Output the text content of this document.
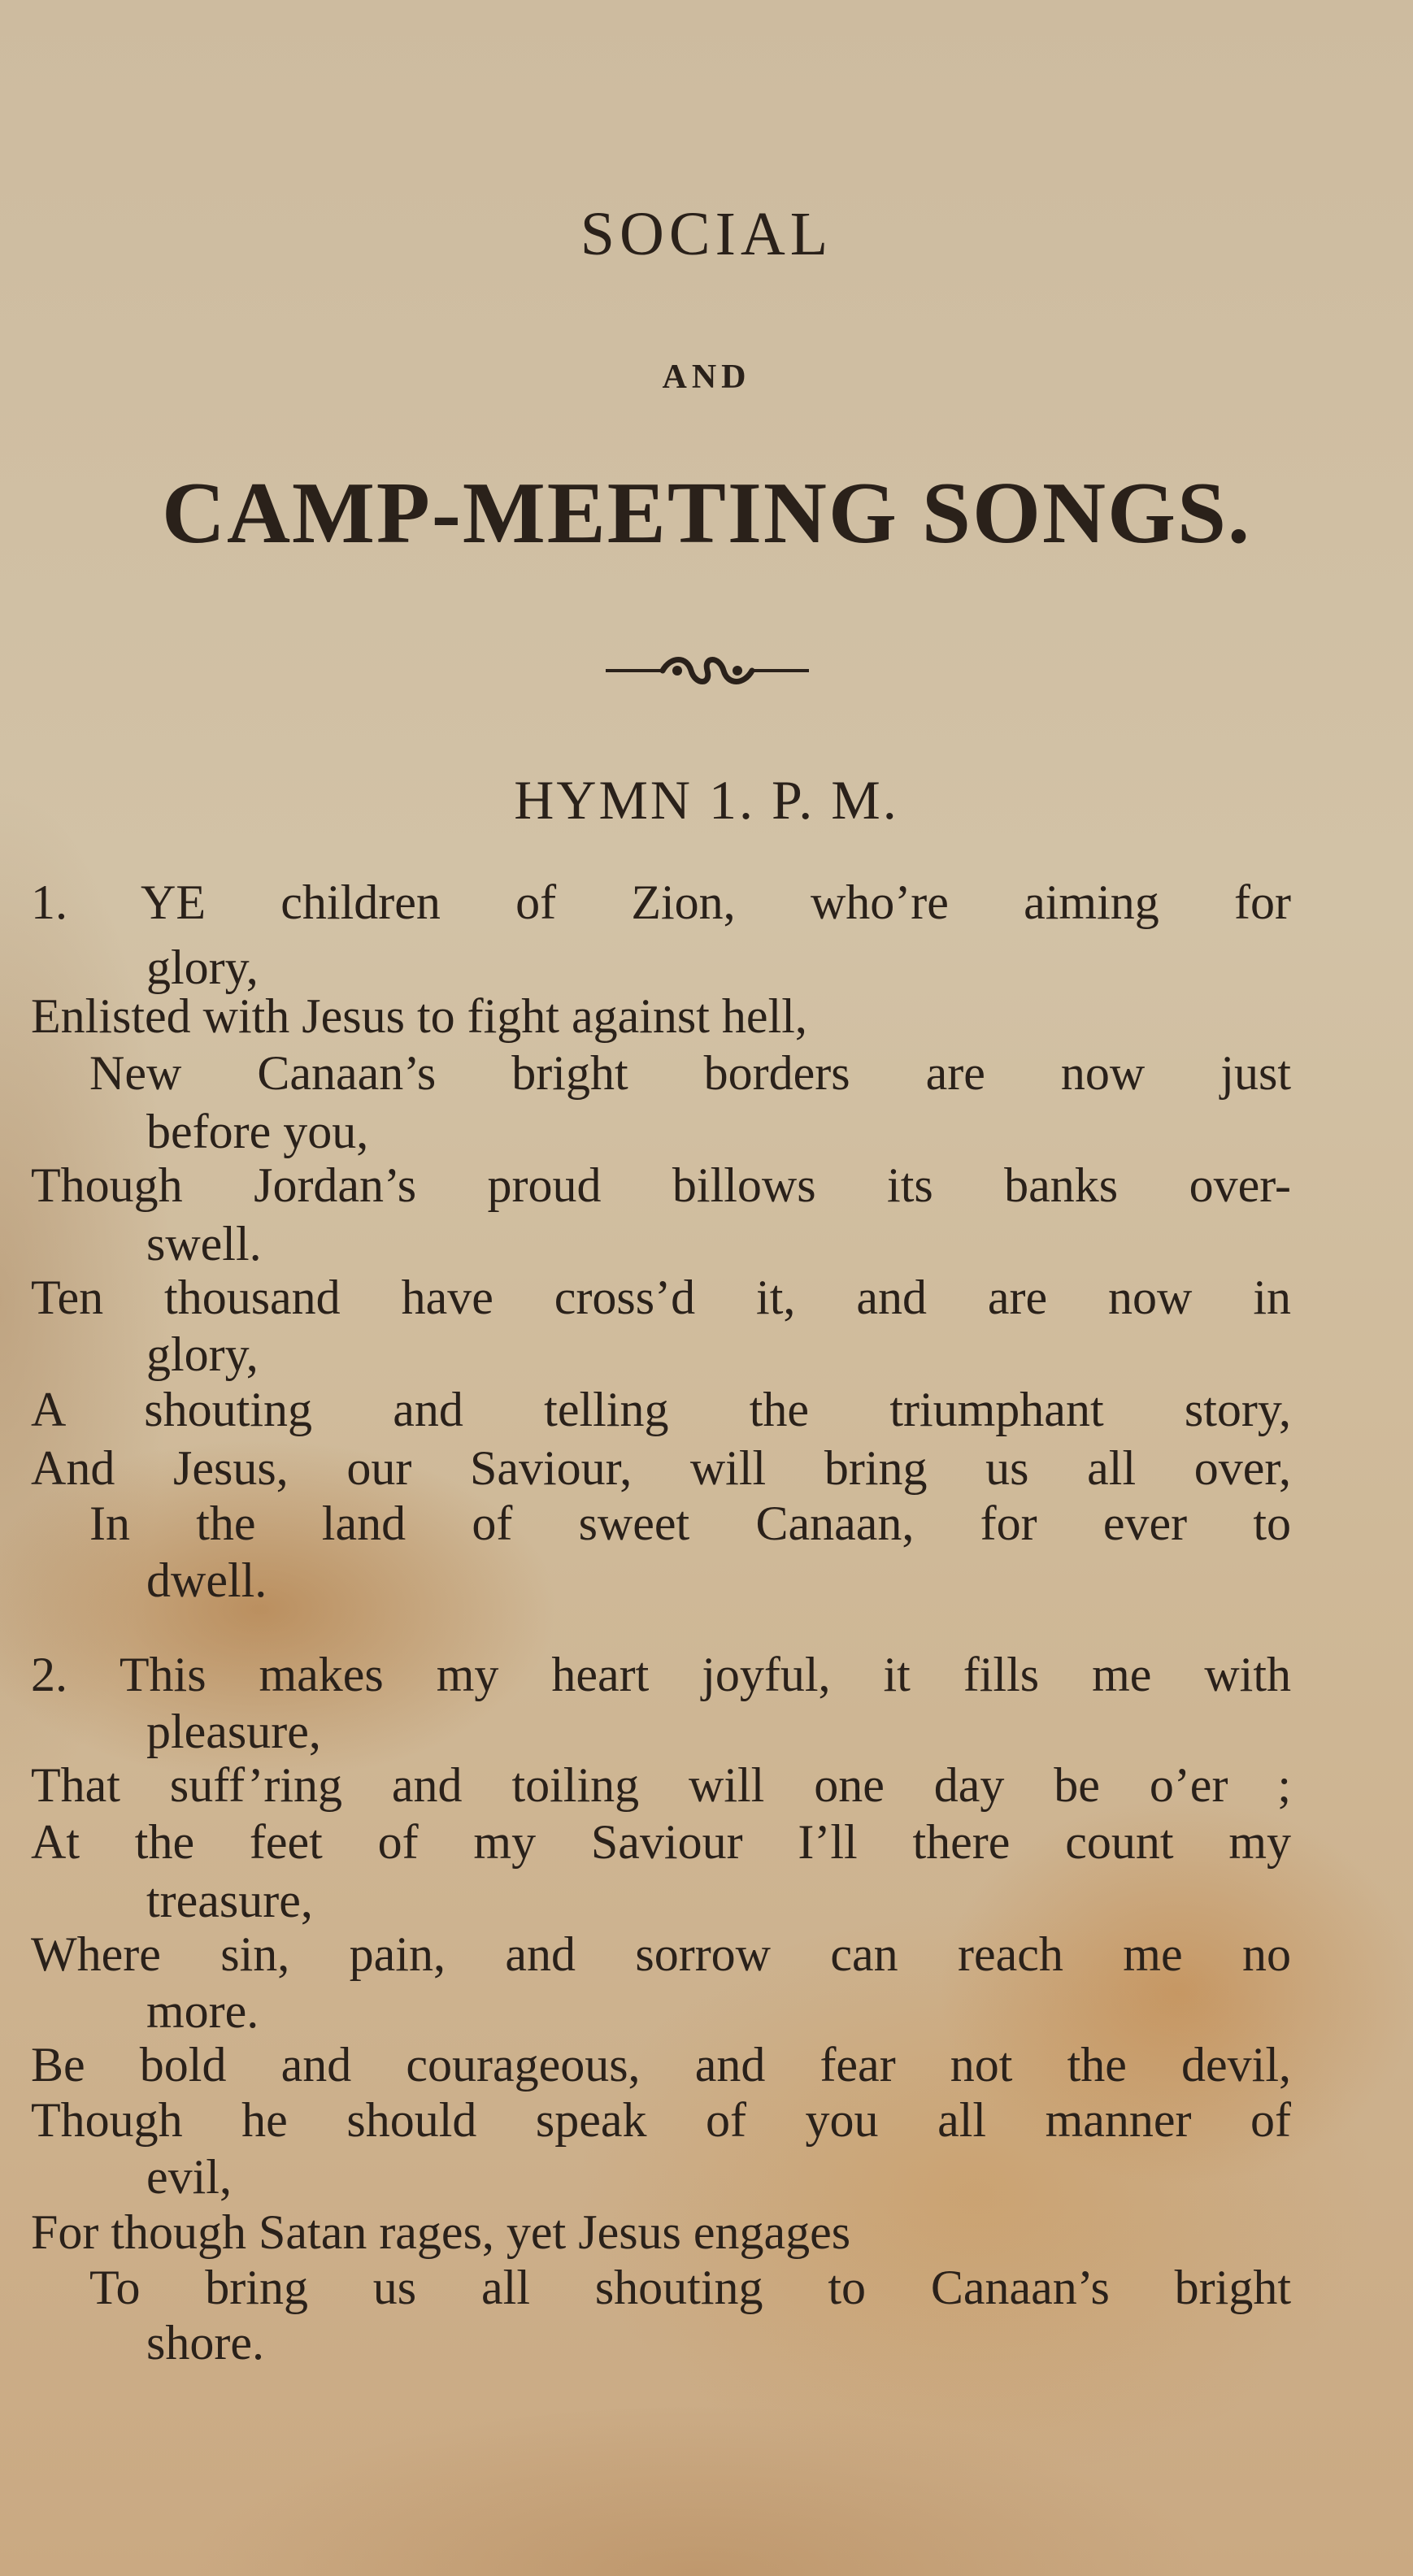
SOCIAL
AND
CAMP-MEETING SONGS.
HYMN 1. P. M.
1. YE children of Zion, who’re aiming for
glory,
Enlisted with Jesus to fight against hell,
New Canaan’s bright borders are now just
before you,
Though Jordan’s proud billows its banks over-
swell.
Ten thousand have cross’d it, and are now in
glory,
A shouting and telling the triumphant story,
And Jesus, our Saviour, will bring us all over,
In the land of sweet Canaan, for ever to
dwell.
2. This makes my heart joyful, it fills me with
pleasure,
That suff’ring and toiling will one day be o’er ;
At the feet of my Saviour I’ll there count my
treasure,
Where sin, pain, and sorrow can reach me no
more.
Be bold and courageous, and fear not the devil,
Though he should speak of you all manner of
evil,
For though Satan rages, yet Jesus engages
To bring us all shouting to Canaan’s bright
shore.
